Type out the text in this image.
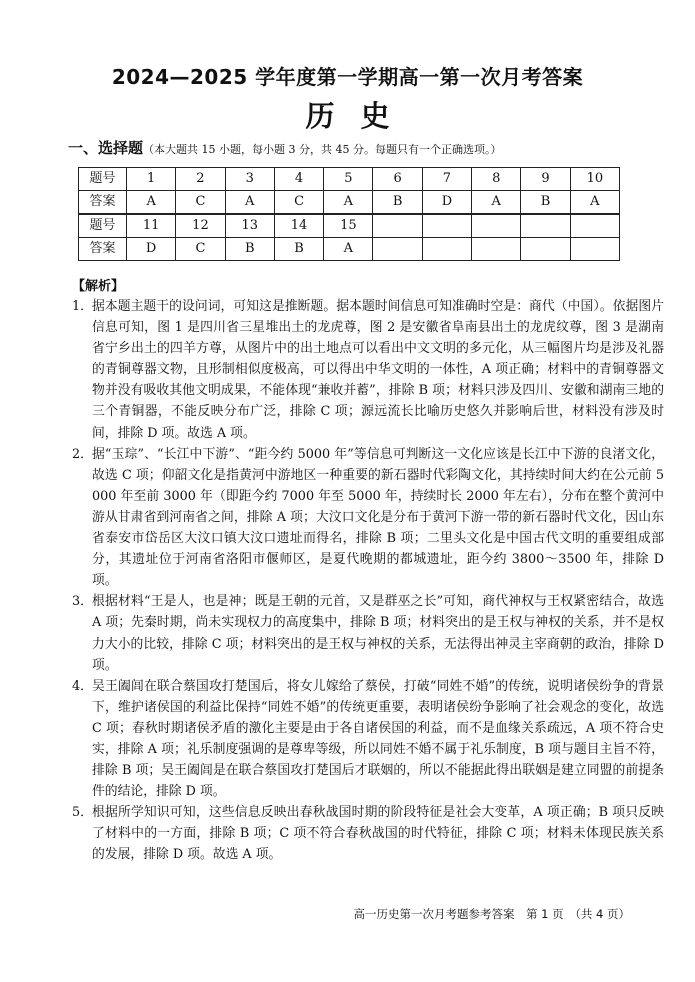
2024—2025 学年度第一学期高一第一次月考答案
历史
一、选择题（本大题共 15 小题，每小题 3 分，共 45 分。每题只有一个正确选项。）
题号	1	2	3	4	5	6	7	8	9	10
答案	A	C	A	C	A	B	D	A	B	A
题号	11	12	13	14	15					
答案	D	C	B	B	A					
【解析】
1． 据本题主题干的设问词，可知这是推断题。据本题时间信息可知准确时空是：商代（中国）。依据图片信息可知，图 1 是四川省三星堆出土的龙虎尊，图 2 是安徽省阜南县出土的龙虎纹尊，图 3 是湖南省宁乡出土的四羊方尊，从图片中的出土地点可以看出中文文明的多元化，从三幅图片均是涉及礼器的青铜尊器文物，且形制相似度极高，可以得出中华文明的一体性，A 项正确；材料中的青铜尊器文物并没有吸收其他文明成果，不能体现“兼收并蓄”，排除 B 项；材料只涉及四川、安徽和湖南三地的三个青铜器，不能反映分布广泛，排除 C 项；源远流长比喻历史悠久并影响后世，材料没有涉及时间，排除 D 项。故选 A 项。
2． 据“玉琮”、“长江中下游”、“距今约 5000 年”等信息可判断这一文化应该是长江中下游的良渚文化，故选 C 项；仰韶文化是指黄河中游地区一种重要的新石器时代彩陶文化，其持续时间大约在公元前 5000 年至前 3000 年（即距今约 7000 年至 5000 年，持续时长 2000 年左右），分布在整个黄河中游从甘肃省到河南省之间，排除 A 项；大汶口文化是分布于黄河下游一带的新石器时代文化，因山东省泰安市岱岳区大汶口镇大汶口遗址而得名，排除 B 项；二里头文化是中国古代文明的重要组成部分，其遗址位于河南省洛阳市偃师区，是夏代晚期的都城遗址，距今约 3800～3500 年，排除 D 项。
3． 根据材料“王是人，也是神；既是王朝的元首，又是群巫之长”可知，商代神权与王权紧密结合，故选 A 项；先秦时期，尚未实现权力的高度集中，排除 B 项；材料突出的是王权与神权的关系，并不是权力大小的比较，排除 C 项；材料突出的是王权与神权的关系，无法得出神灵主宰商朝的政治，排除 D 项。
4． 吴王阖闾在联合蔡国攻打楚国后，将女儿嫁给了蔡侯，打破“同姓不婚”的传统，说明诸侯纷争的背景下，维护诸侯国的利益比保持“同姓不婚”的传统更重要，表明诸侯纷争影响了社会观念的变化，故选 C 项；春秋时期诸侯矛盾的激化主要是由于各自诸侯国的利益，而不是血缘关系疏远，A 项不符合史实，排除 A 项；礼乐制度强调的是尊卑等级，所以同姓不婚不属于礼乐制度，B 项与题目主旨不符，排除 B 项；吴王阖闾是在联合蔡国攻打楚国后才联姻的，所以不能据此得出联姻是建立同盟的前提条件的结论，排除 D 项。
5． 根据所学知识可知，这些信息反映出春秋战国时期的阶段特征是社会大变革，A 项正确；B 项只反映了材料中的一方面，排除 B 项；C 项不符合春秋战国的时代特征，排除 C 项；材料未体现民族关系的发展，排除 D 项。故选 A 项。
高一历史第一次月考题参考答案　第 1 页　（共 4 页）
